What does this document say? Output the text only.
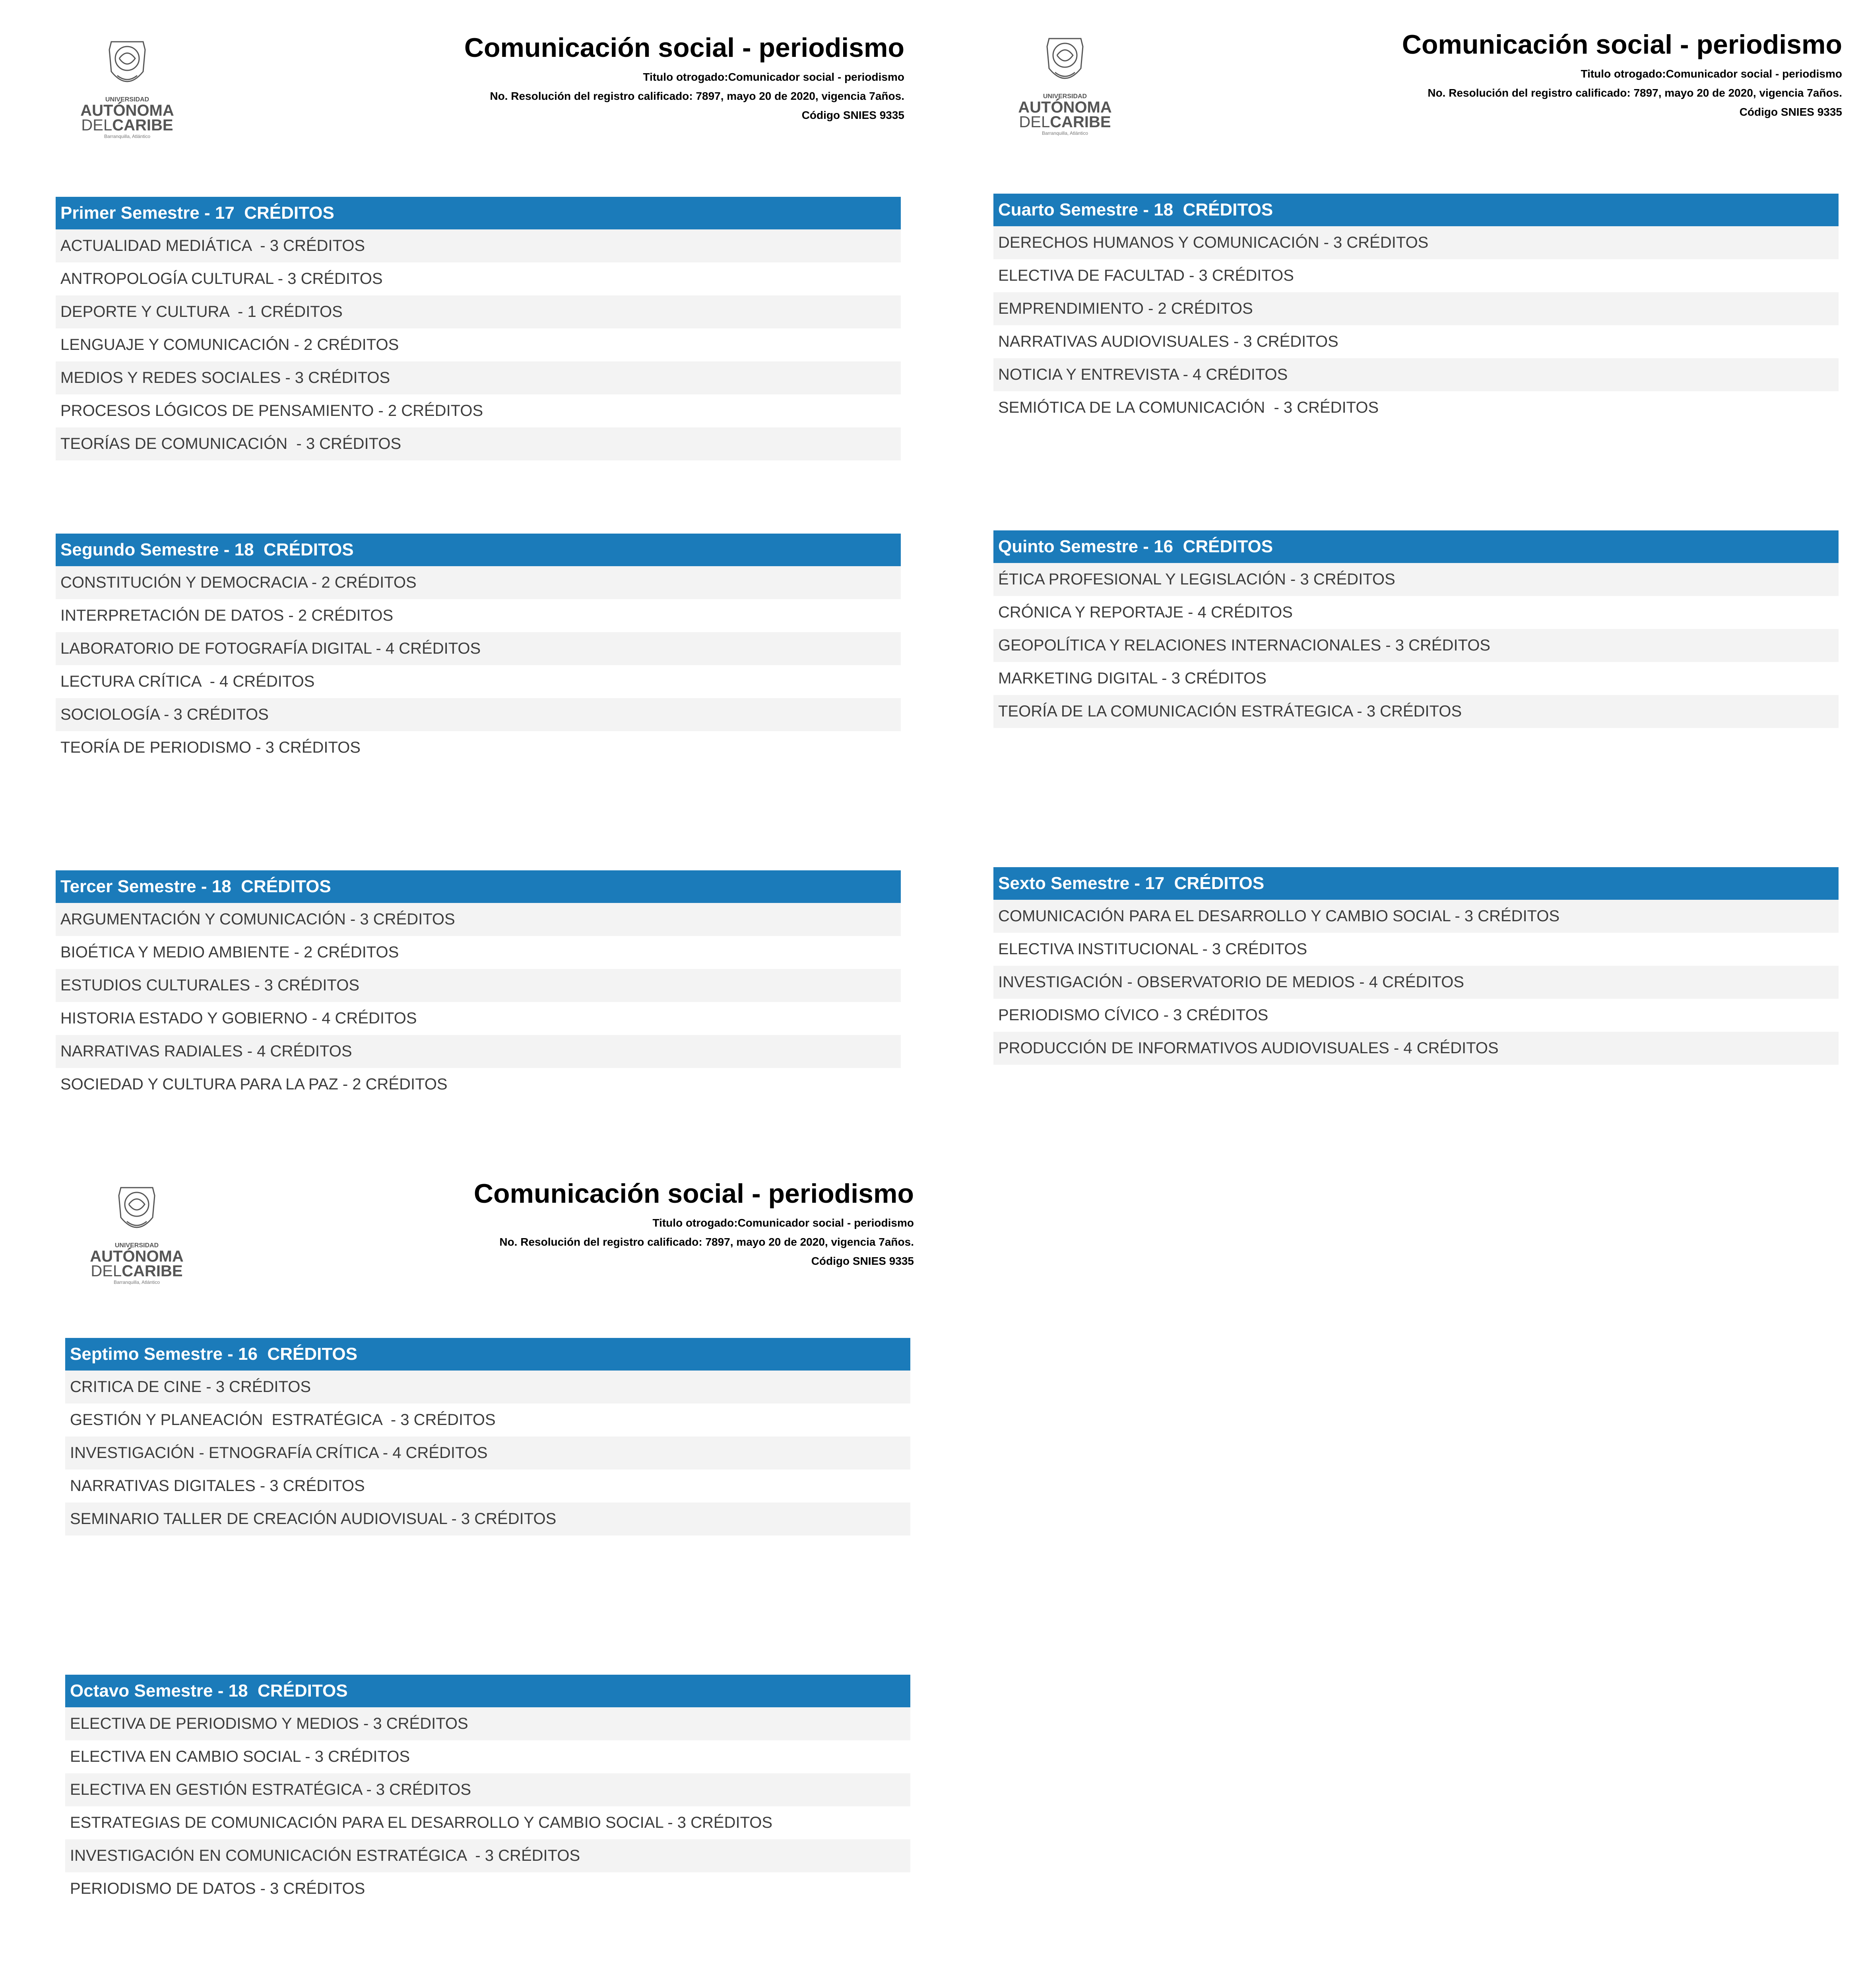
UNIVERSIDAD
AUTÓNOMA
DELCARIBE
Barranquilla, Atlántico
Comunicación social - periodismo
Titulo otrogado:Comunicador social - periodismo
No. Resolución del registro calificado: 7897, mayo 20 de 2020, vigencia 7años.
Código SNIES 9335
Primer Semestre - 17  CRÉDITOS
ACTUALIDAD MEDIÁTICA  - 3 CRÉDITOS
ANTROPOLOGÍA CULTURAL - 3 CRÉDITOS
DEPORTE Y CULTURA  - 1 CRÉDITOS
LENGUAJE Y COMUNICACIÓN - 2 CRÉDITOS
MEDIOS Y REDES SOCIALES - 3 CRÉDITOS
PROCESOS LÓGICOS DE PENSAMIENTO - 2 CRÉDITOS
TEORÍAS DE COMUNICACIÓN  - 3 CRÉDITOS
Segundo Semestre - 18  CRÉDITOS
CONSTITUCIÓN Y DEMOCRACIA - 2 CRÉDITOS
INTERPRETACIÓN DE DATOS - 2 CRÉDITOS
LABORATORIO DE FOTOGRAFÍA DIGITAL - 4 CRÉDITOS
LECTURA CRÍTICA  - 4 CRÉDITOS
SOCIOLOGÍA - 3 CRÉDITOS
TEORÍA DE PERIODISMO - 3 CRÉDITOS
Tercer Semestre - 18  CRÉDITOS
ARGUMENTACIÓN Y COMUNICACIÓN - 3 CRÉDITOS
BIOÉTICA Y MEDIO AMBIENTE - 2 CRÉDITOS
ESTUDIOS CULTURALES - 3 CRÉDITOS
HISTORIA ESTADO Y GOBIERNO - 4 CRÉDITOS
NARRATIVAS RADIALES - 4 CRÉDITOS
SOCIEDAD Y CULTURA PARA LA PAZ - 2 CRÉDITOS
UNIVERSIDAD
AUTÓNOMA
DELCARIBE
Barranquilla, Atlántico
Comunicación social - periodismo
Titulo otrogado:Comunicador social - periodismo
No. Resolución del registro calificado: 7897, mayo 20 de 2020, vigencia 7años.
Código SNIES 9335
Cuarto Semestre - 18  CRÉDITOS
DERECHOS HUMANOS Y COMUNICACIÓN - 3 CRÉDITOS
ELECTIVA DE FACULTAD - 3 CRÉDITOS
EMPRENDIMIENTO - 2 CRÉDITOS
NARRATIVAS AUDIOVISUALES - 3 CRÉDITOS
NOTICIA Y ENTREVISTA - 4 CRÉDITOS
SEMIÓTICA DE LA COMUNICACIÓN  - 3 CRÉDITOS
Quinto Semestre - 16  CRÉDITOS
ÉTICA PROFESIONAL Y LEGISLACIÓN - 3 CRÉDITOS
CRÓNICA Y REPORTAJE - 4 CRÉDITOS
GEOPOLÍTICA Y RELACIONES INTERNACIONALES - 3 CRÉDITOS
MARKETING DIGITAL - 3 CRÉDITOS
TEORÍA DE LA COMUNICACIÓN ESTRÁTEGICA - 3 CRÉDITOS
Sexto Semestre - 17  CRÉDITOS
COMUNICACIÓN PARA EL DESARROLLO Y CAMBIO SOCIAL - 3 CRÉDITOS
ELECTIVA INSTITUCIONAL - 3 CRÉDITOS
INVESTIGACIÓN - OBSERVATORIO DE MEDIOS - 4 CRÉDITOS
PERIODISMO CÍVICO - 3 CRÉDITOS
PRODUCCIÓN DE INFORMATIVOS AUDIOVISUALES - 4 CRÉDITOS
UNIVERSIDAD
AUTÓNOMA
DELCARIBE
Barranquilla, Atlántico
Comunicación social - periodismo
Titulo otrogado:Comunicador social - periodismo
No. Resolución del registro calificado: 7897, mayo 20 de 2020, vigencia 7años.
Código SNIES 9335
Septimo Semestre - 16  CRÉDITOS
CRITICA DE CINE - 3 CRÉDITOS
GESTIÓN Y PLANEACIÓN  ESTRATÉGICA  - 3 CRÉDITOS
INVESTIGACIÓN - ETNOGRAFÍA CRÍTICA - 4 CRÉDITOS
NARRATIVAS DIGITALES - 3 CRÉDITOS
SEMINARIO TALLER DE CREACIÓN AUDIOVISUAL - 3 CRÉDITOS
Octavo Semestre - 18  CRÉDITOS
ELECTIVA DE PERIODISMO Y MEDIOS - 3 CRÉDITOS
ELECTIVA EN CAMBIO SOCIAL - 3 CRÉDITOS
ELECTIVA EN GESTIÓN ESTRATÉGICA - 3 CRÉDITOS
ESTRATEGIAS DE COMUNICACIÓN PARA EL DESARROLLO Y CAMBIO SOCIAL - 3 CRÉDITOS
INVESTIGACIÓN EN COMUNICACIÓN ESTRATÉGICA  - 3 CRÉDITOS
PERIODISMO DE DATOS - 3 CRÉDITOS
